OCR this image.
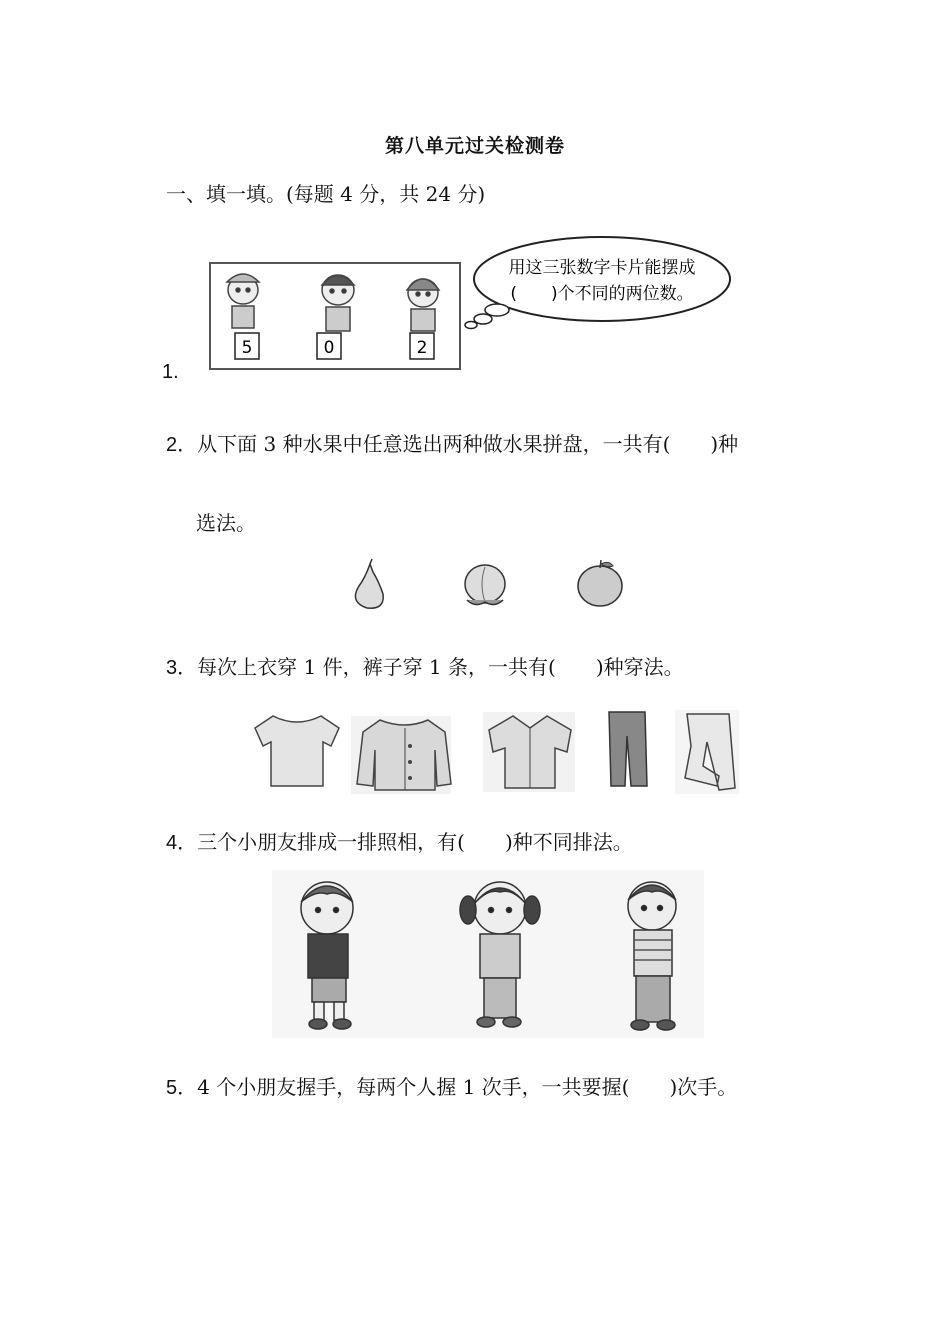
第八单元过关检测卷
一、填一填。(每题 4 分，共 24 分)
5	0	2
用这三张数字卡片能摆成
(　　)个不同的两位数。
1.
2．从下面 3 种水果中任意选出两种做水果拼盘，一共有( )种
选法。
3．每次上衣穿 1 件，裤子穿 1 条，一共有( )种穿法。
4．三个小朋友排成一排照相，有( )种不同排法。
5．4 个小朋友握手，每两个人握 1 次手，一共要握( )次手。
